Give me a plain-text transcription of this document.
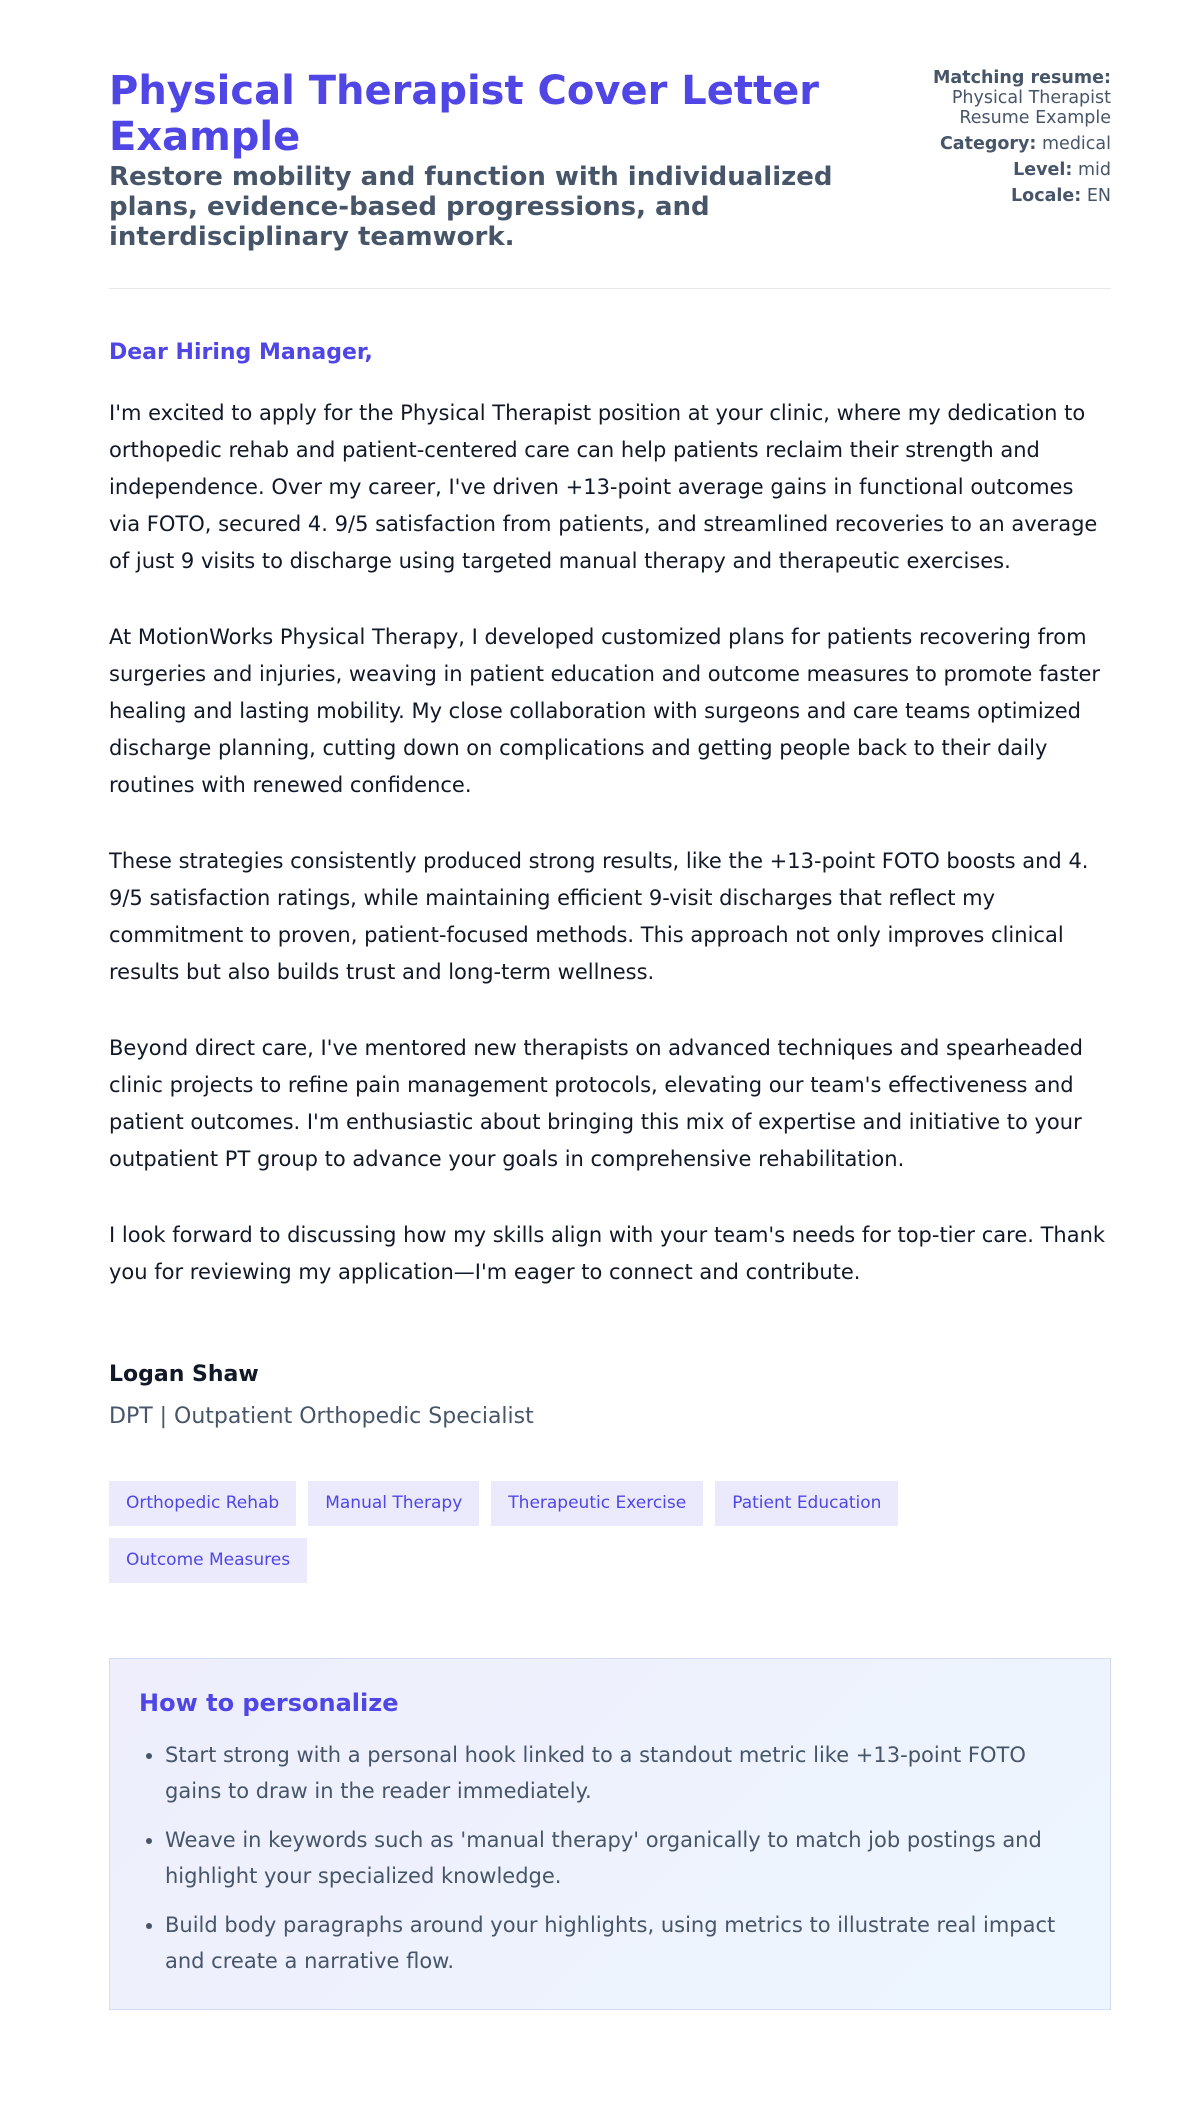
Physical Therapist Cover Letter Example
Restore mobility and function with individualized plans, evidence-based progressions, and interdisciplinary teamwork.
Matching resume:
Physical Therapist Resume Example
Category: medical
Level: mid
Locale: EN
Dear Hiring Manager,

I'm excited to apply for the Physical Therapist position at your clinic, where my dedication to orthopedic rehab and patient-centered care can help patients reclaim their strength and independence. Over my career, I've driven +13-point average gains in functional outcomes via FOTO, secured 4. 9/5 satisfaction from patients, and streamlined recoveries to an average of just 9 visits to discharge using targeted manual therapy and therapeutic exercises.

At MotionWorks Physical Therapy, I developed customized plans for patients recovering from surgeries and injuries, weaving in patient education and outcome measures to promote faster healing and lasting mobility. My close collaboration with surgeons and care teams optimized discharge planning, cutting down on complications and getting people back to their daily routines with renewed confidence.

These strategies consistently produced strong results, like the +13-point FOTO boosts and 4. 9/5 satisfaction ratings, while maintaining efficient 9-visit discharges that reflect my commitment to proven, patient-focused methods. This approach not only improves clinical results but also builds trust and long-term wellness.

Beyond direct care, I've mentored new therapists on advanced techniques and spearheaded clinic projects to refine pain management protocols, elevating our team's effectiveness and patient outcomes. I'm enthusiastic about bringing this mix of expertise and initiative to your outpatient PT group to advance your goals in comprehensive rehabilitation.

I look forward to discussing how my skills align with your team's needs for top-tier care. Thank you for reviewing my application—I'm eager to connect and contribute.

Logan Shaw
DPT | Outpatient Orthopedic Specialist
Orthopedic Rehab	Manual Therapy	Therapeutic Exercise	Patient Education
Outcome Measures
How to personalize
• Start strong with a personal hook linked to a standout metric like +13-point FOTO gains to draw in the reader immediately.
• Weave in keywords such as 'manual therapy' organically to match job postings and highlight your specialized knowledge.
• Build body paragraphs around your highlights, using metrics to illustrate real impact and create a narrative flow.
